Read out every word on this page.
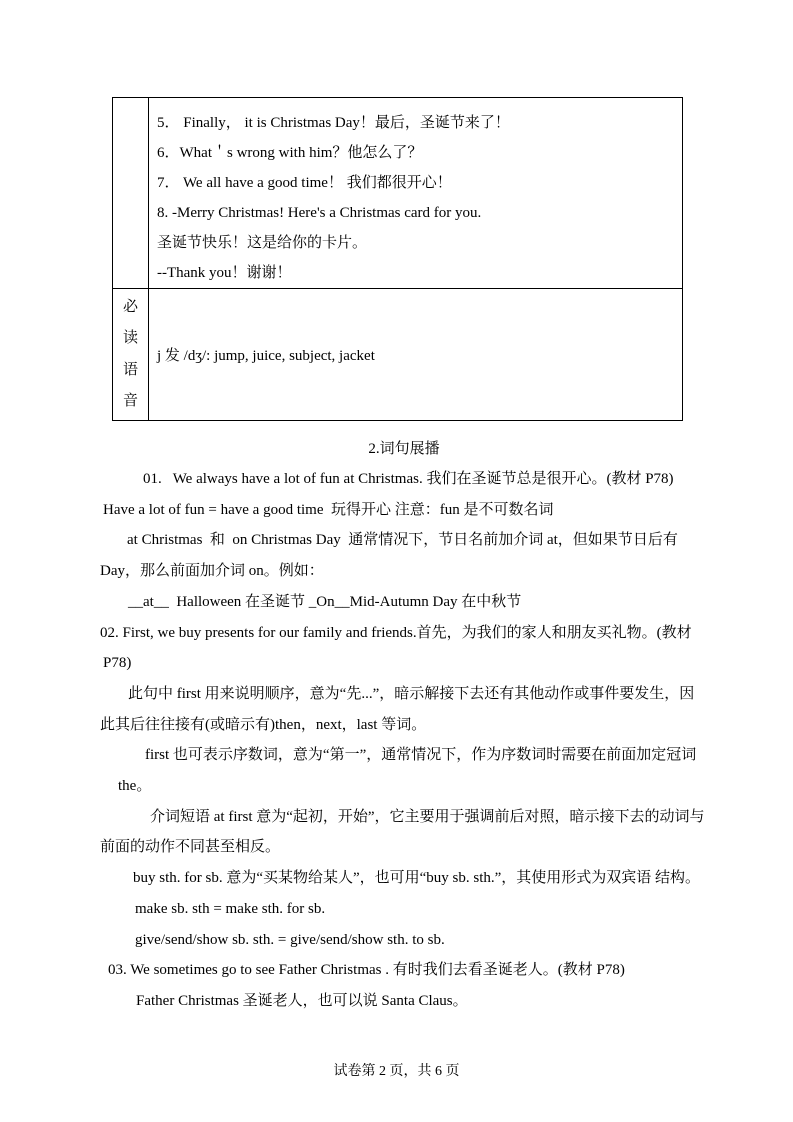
5． Finally， it is Christmas Day！最后，圣诞节来了！
6．What＇s wrong with him？他怎么了？
7． We all have a good time！ 我们都很开心！
8. -Merry Christmas! Here's a Christmas card for you.
圣诞节快乐！这是给你的卡片。
--Thank you！谢谢！
必
读
语
音
j 发 /dʒ/: jump, juice, subject, jacket
2.词句展播
01.   We always have a lot of fun at Christmas. 我们在圣诞节总是很开心。(教材 P78)
Have a lot of fun = have a good time  玩得开心 注意：fun 是不可数名词
at Christmas  和  on Christmas Day  通常情况下，节日名前加介词 at，但如果节日后有
Day，那么前面加介词 on。例如：
__at__  Halloween 在圣诞节 _On__Mid-Autumn Day 在中秋节
02. First, we buy presents for our family and friends.首先，为我们的家人和朋友买礼物。(教材
P78)
此句中 first 用来说明顺序，意为“先...”，暗示解接下去还有其他动作或事件要发生，因
此其后往往接有(或暗示有)then，next，last 等词。
first 也可表示序数词，意为“第一”，通常情况下，作为序数词时需要在前面加定冠词
the。
介词短语 at first 意为“起初，开始”，它主要用于强调前后对照，暗示接下去的动词与
前面的动作不同甚至相反。
buy sth. for sb. 意为“买某物给某人”，也可用“buy sb. sth.”，其使用形式为双宾语 结构。
make sb. sth = make sth. for sb.
give/send/show sb. sth. = give/send/show sth. to sb.
03. We sometimes go to see Father Christmas . 有时我们去看圣诞老人。(教材 P78)
Father Christmas 圣诞老人，也可以说 Santa Claus。
试卷第 2 页，共 6 页
